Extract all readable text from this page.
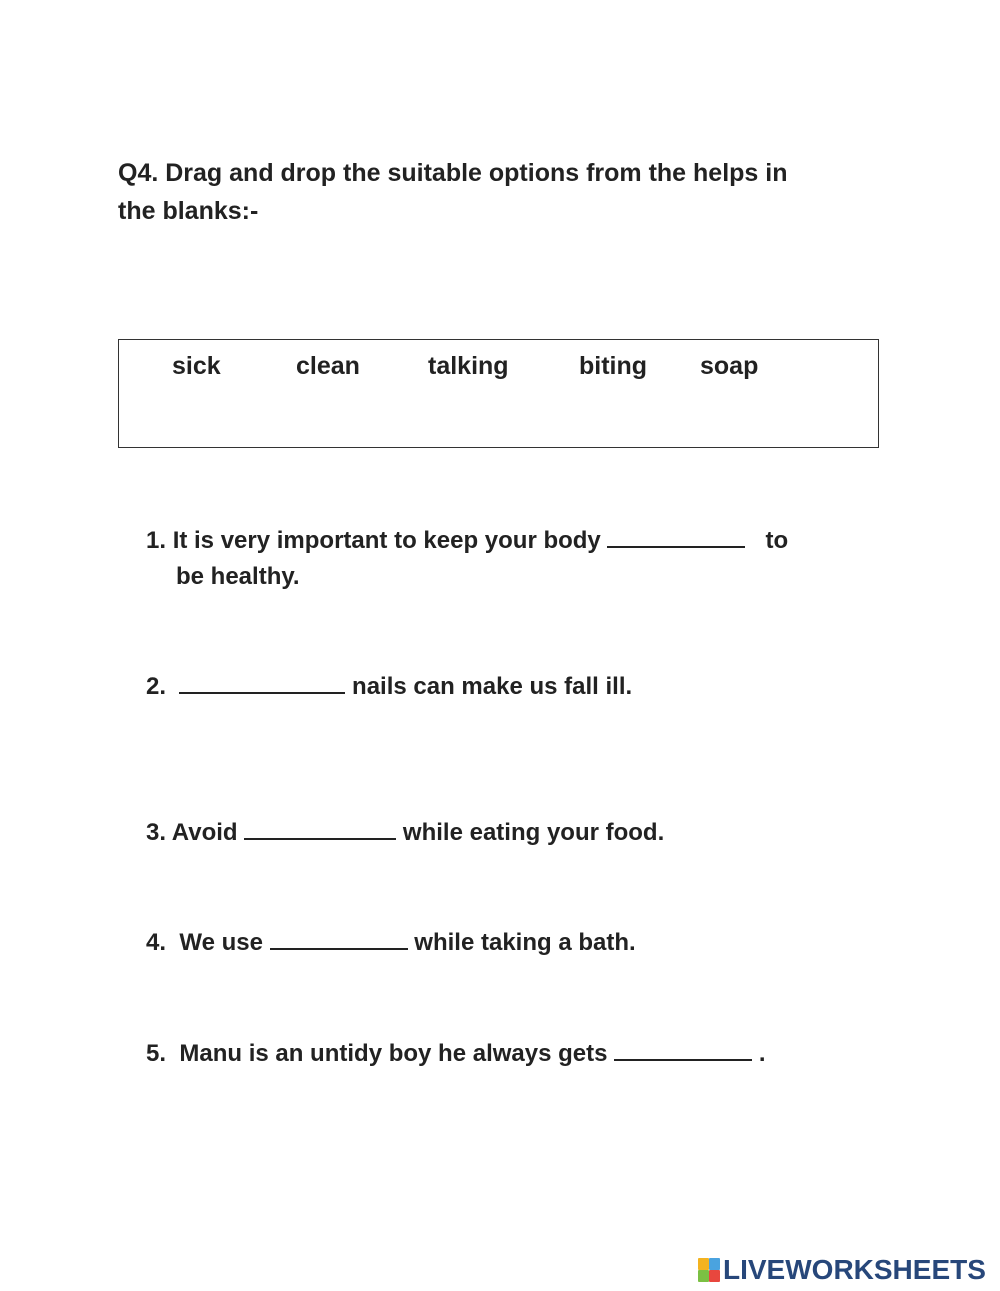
Q4. Drag and drop the suitable options from the helps in
the blanks:-
sick	clean	talking	biting soap
1. It is very important to keep your body	to
be healthy.
2.	nails can make us fall ill.
3. Avoid	while eating your food.
4. We use	while taking a bath.
5. Manu is an untidy boy he always gets	.
LIVEWORKSHEETS
